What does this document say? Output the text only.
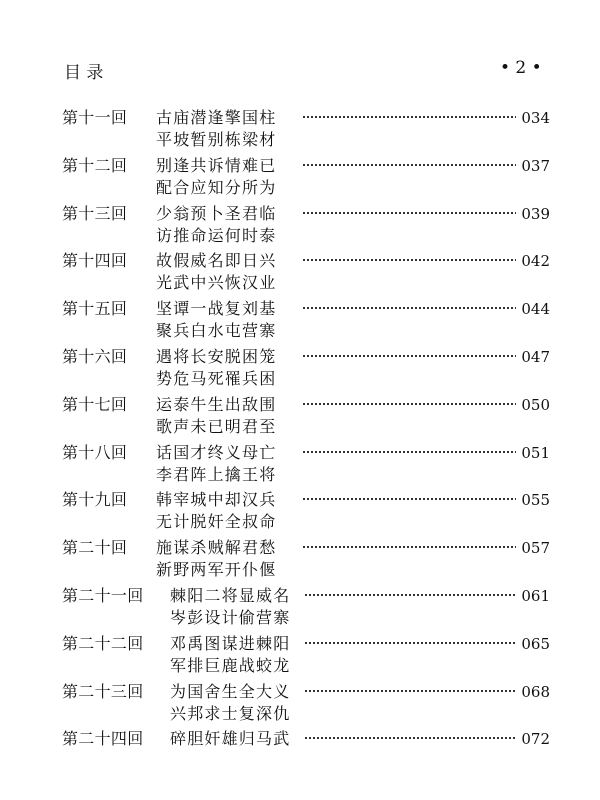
目 录	• 2 •
第十一回 古庙潜逢擎国柱	034
平坡暂别栋梁材
第十二回 别逢共诉情难已	037
配合应知分所为
第十三回 少翁预卜圣君临	039
访推命运何时泰
第十四回 故假威名即日兴	042
光武中兴恢汉业
第十五回 坚谭一战复刘基	044
聚兵白水屯营寨
第十六回 遇将长安脱困笼	047
势危马死罹兵困
第十七回 运泰牛生出敌围	050
歌声未已明君至
第十八回 话国才终义母亡	051
李君阵上擒王将
第十九回 韩宰城中却汉兵	055
无计脱奸全叔命
第二十回 施谋杀贼解君愁	057
新野两军开仆偃
第二十一回 棘阳二将显威名	061
岑彭设计偷营寨
第二十二回 邓禹图谋进棘阳	065
军排巨鹿战蛟龙
第二十三回 为国舍生全大义	068
兴邦求士复深仇
第二十四回 碎胆奸雄归马武	072
